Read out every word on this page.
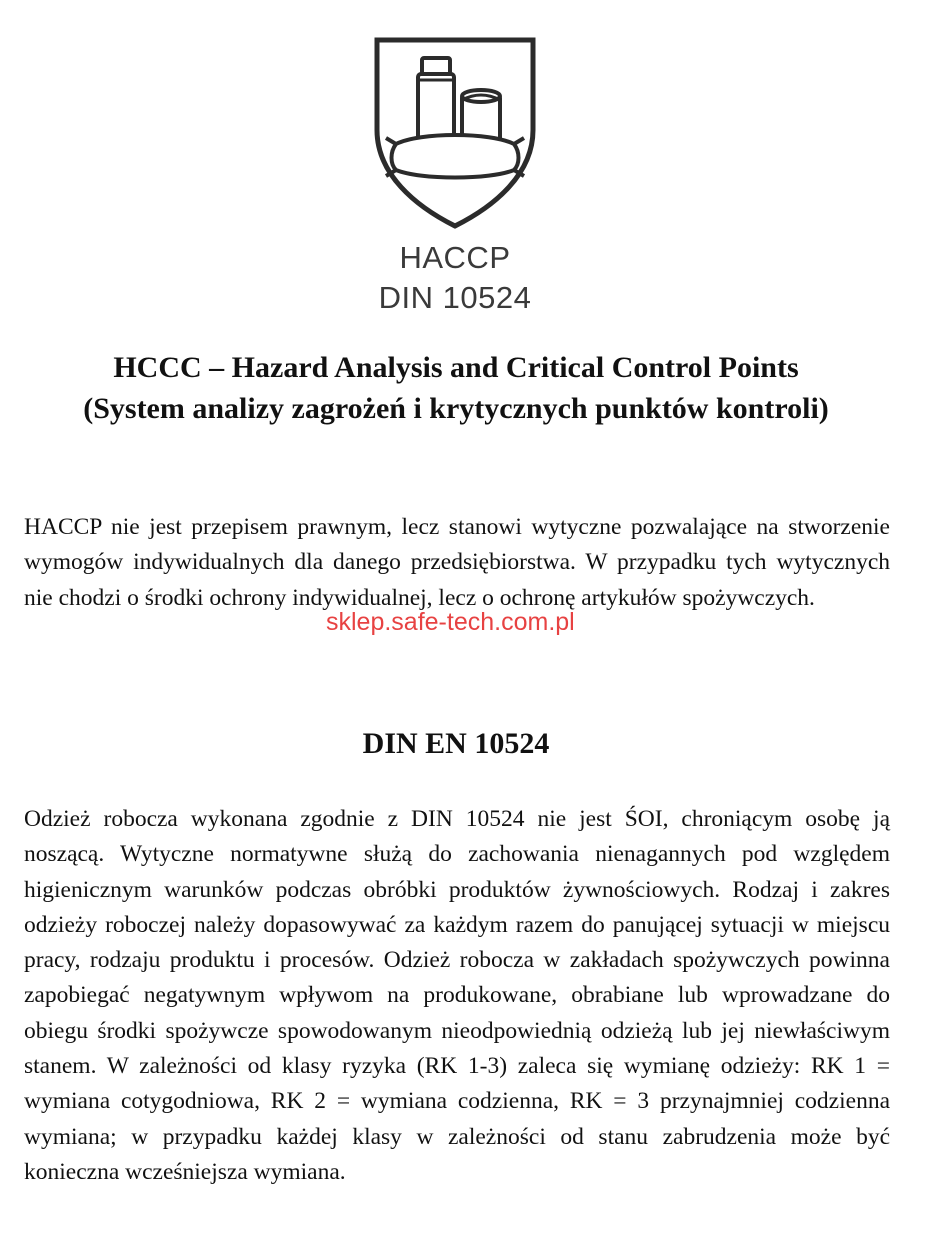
HACCP
DIN 10524
HCCC – Hazard Analysis and Critical Control Points
(System analizy zagrożeń i krytycznych punktów kontroli)

HACCP nie jest przepisem prawnym, lecz stanowi wytyczne pozwalające na stworzenie wymogów indywidualnych dla danego przedsiębiorstwa. W przypadku tych wytycznych nie chodzi o środki ochrony indywidualnej, lecz o ochronę artykułów spożywczych.

sklep.safe-tech.com.pl
DIN EN 10524

Odzież robocza wykonana zgodnie z DIN 10524 nie jest ŚOI, chroniącym osobę ją noszącą. Wytyczne normatywne służą do zachowania nienagannych pod względem higienicznym warunków podczas obróbki produktów żywnościowych. Rodzaj i zakres odzieży roboczej należy dopasowywać za każdym razem do panującej sytuacji w miejscu pracy, rodzaju produktu i procesów. Odzież robocza w zakładach spożywczych powinna zapobiegać negatywnym wpływom na produkowane, obrabiane lub wprowadzane do obiegu środki spożywcze spowodowanym nieodpowiednią odzieżą lub jej niewłaściwym stanem. W zależności od klasy ryzyka (RK 1-3) zaleca się wymianę odzieży: RK 1 = wymiana cotygodniowa, RK 2 = wymiana codzienna, RK = 3 przynajmniej codzienna wymiana; w przypadku każdej klasy w zależności od stanu zabrudzenia może być konieczna wcześniejsza wymiana.
